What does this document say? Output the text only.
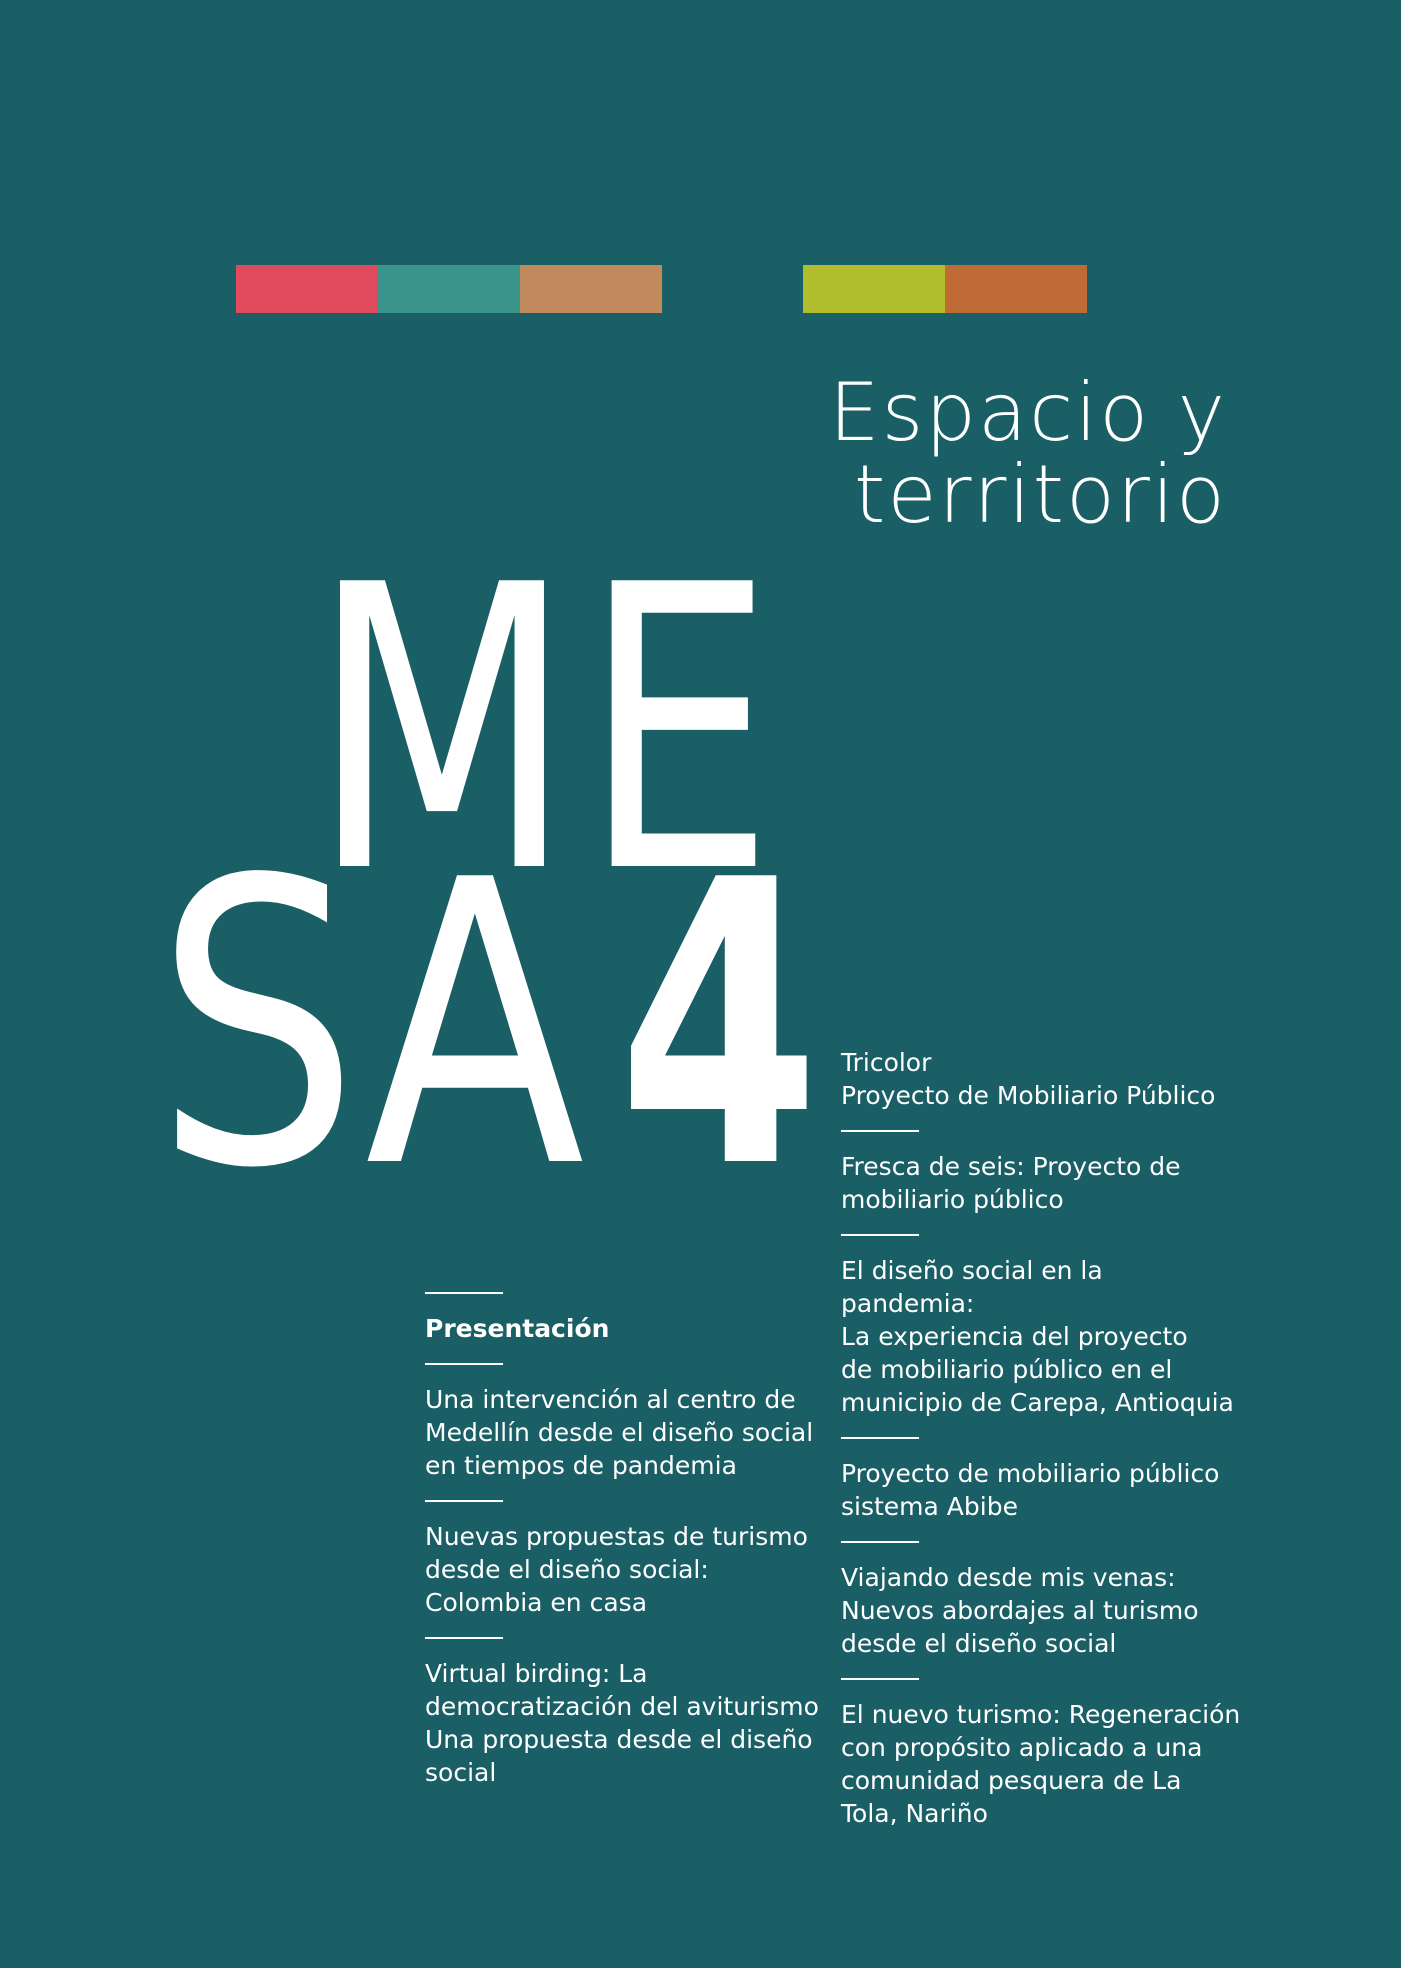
Espacio y
territorio
ME
SA 4

Presentación

Una intervención al centro de
Medellín desde el diseño social
en tiempos de pandemia

Nuevas propuestas de turismo
desde el diseño social:
Colombia en casa

Virtual birding: La
democratización del aviturismo
Una propuesta desde el diseño
social

Tricolor
Proyecto de Mobiliario Público

Fresca de seis: Proyecto de
mobiliario público

El diseño social en la pandemia:
La experiencia del proyecto
de mobiliario público en el
municipio de Carepa, Antioquia

Proyecto de mobiliario público
sistema Abibe

Viajando desde mis venas:
Nuevos abordajes al turismo
desde el diseño social

El nuevo turismo: Regeneración
con propósito aplicado a una
comunidad pesquera de La
Tola, Nariño
